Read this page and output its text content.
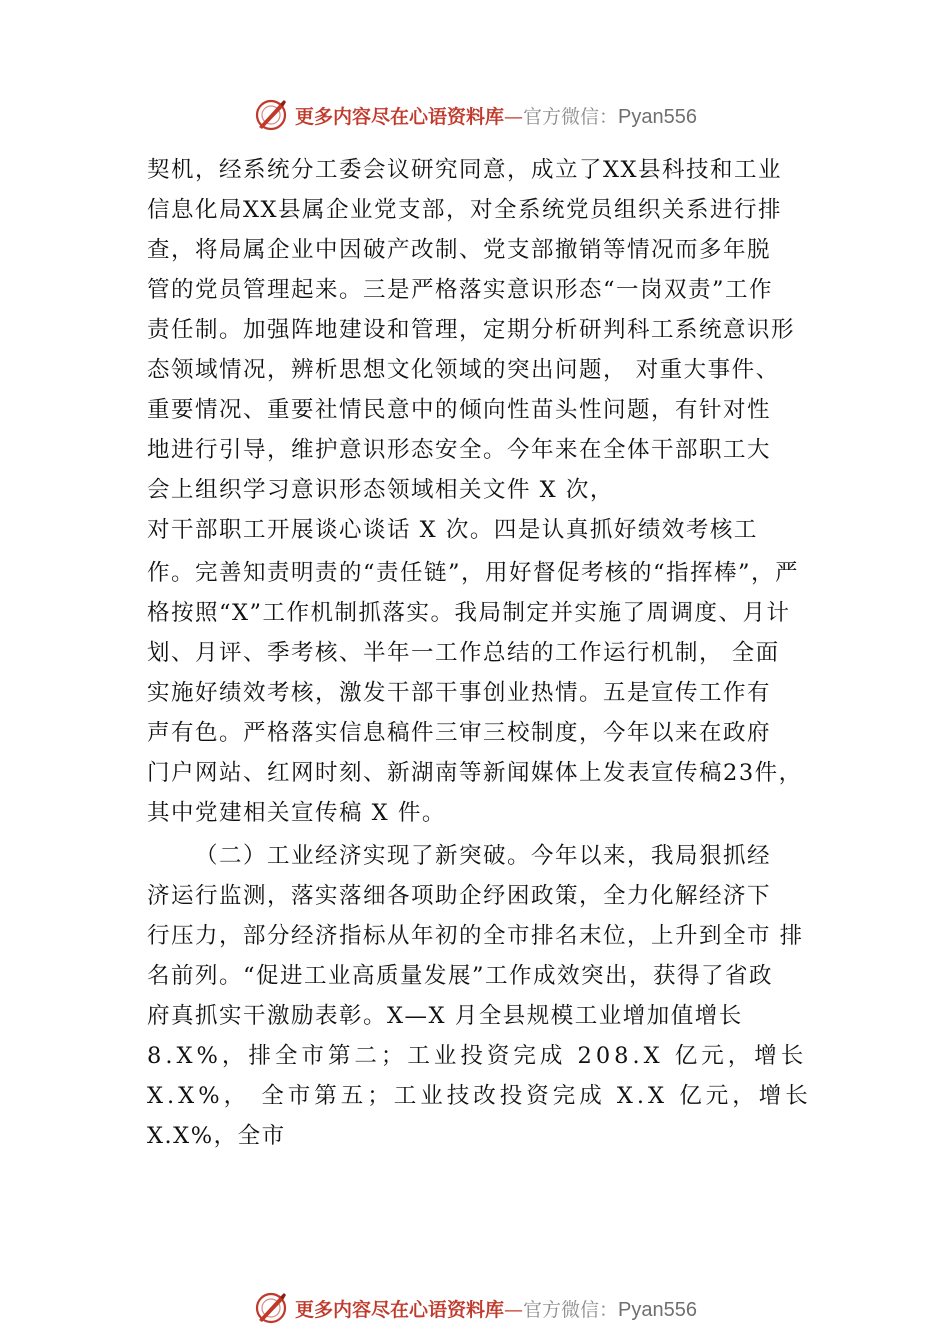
更多内容尽在心语资料库—官方微信：Pyan556
契机，经系统分工委会议研究同意，成立了XX县科技和工业
信息化局XX县属企业党支部，对全系统党员组织关系进行排
查，将局属企业中因破产改制、党支部撤销等情况而多年脱
管的党员管理起来。三是严格落实意识形态“一岗双责”工作
责任制。加强阵地建设和管理，定期分析研判科工系统意识形
态领域情况，辨析思想文化领域的突出问题， 对重大事件、
重要情况、重要社情民意中的倾向性苗头性问题，有针对性
地进行引导，维护意识形态安全。今年来在全体干部职工大
会上组织学习意识形态领域相关文件 X 次，
对干部职工开展谈心谈话 X 次。四是认真抓好绩效考核工
作。完善知责明责的“责任链”，用好督促考核的“指挥棒”，严
格按照“X”工作机制抓落实。我局制定并实施了周调度、月计
划、月评、季考核、半年一工作总结的工作运行机制， 全面
实施好绩效考核，激发干部干事创业热情。五是宣传工作有
声有色。严格落实信息稿件三审三校制度，今年以来在政府
门户网站、红网时刻、新湖南等新闻媒体上发表宣传稿23件，
其中党建相关宣传稿 X 件。
（二）工业经济实现了新突破。今年以来，我局狠抓经
济运行监测，落实落细各项助企纾困政策，全力化解经济下
行压力，部分经济指标从年初的全市排名末位，上升到全市 排
名前列。“促进工业高质量发展”工作成效突出，获得了省政
府真抓实干激励表彰。X—X 月全县规模工业增加值增长
8.X%，排全市第二；工业投资完成 208.X 亿元，增长
X.X%， 全市第五；工业技改投资完成 X.X 亿元，增长
X.X%，全市
更多内容尽在心语资料库—官方微信：Pyan556
